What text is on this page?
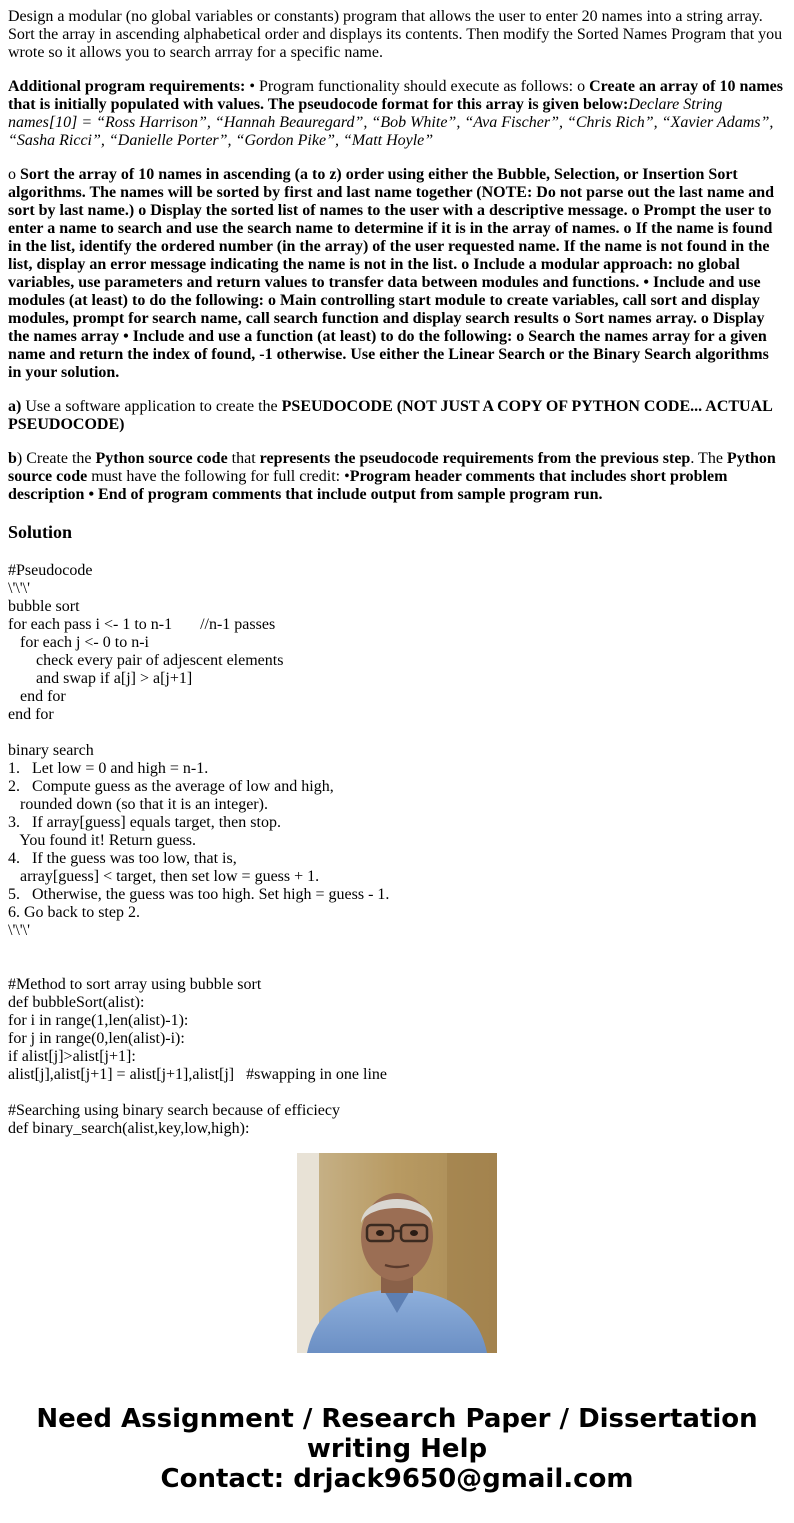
Design a modular (no global variables or constants) program that allows the user to enter 20 names into a string array. Sort the array in ascending alphabetical order and displays its contents. Then modify the Sorted Names Program that you wrote so it allows you to search arrray for a specific name.

Additional program requirements: • Program functionality should execute as follows: o Create an array of 10 names that is initially populated with values. The pseudocode format for this array is given below:Declare String names[10] = “Ross Harrison”, “Hannah Beauregard”, “Bob White”, “Ava Fischer”, “Chris Rich”, “Xavier Adams”, “Sasha Ricci”, “Danielle Porter”, “Gordon Pike”, “Matt Hoyle”

o Sort the array of 10 names in ascending (a to z) order using either the Bubble, Selection, or Insertion Sort algorithms. The names will be sorted by first and last name together (NOTE: Do not parse out the last name and sort by last name.) o Display the sorted list of names to the user with a descriptive message. o Prompt the user to enter a name to search and use the search name to determine if it is in the array of names. o If the name is found in the list, identify the ordered number (in the array) of the user requested name. If the name is not found in the list, display an error message indicating the name is not in the list. o Include a modular approach: no global variables, use parameters and return values to transfer data between modules and functions. • Include and use modules (at least) to do the following: o Main controlling start module to create variables, call sort and display modules, prompt for search name, call search function and display search results o Sort names array. o Display the names array • Include and use a function (at least) to do the following: o Search the names array for a given name and return the index of found, -1 otherwise. Use either the Linear Search or the Binary Search algorithms in your solution.

a) Use a software application to create the PSEUDOCODE (NOT JUST A COPY OF PYTHON CODE... ACTUAL PSEUDOCODE)

b) Create the Python source code that represents the pseudocode requirements from the previous step. The Python source code must have the following for full credit: •Program header comments that includes short problem description • End of program comments that include output from sample program run.

Solution
#Pseudocode
\'\'\'
bubble sort
for each pass i <- 1 to n-1       //n-1 passes
for each j <- 0 to n-i
check every pair of adjescent elements
and swap if a[j] > a[j+1]
end for
end for
binary search
1.   Let low = 0 and high = n-1.
2.   Compute guess as the average of low and high,
rounded down (so that it is an integer).
3.   If array[guess] equals target, then stop.
You found it! Return guess.
4.   If the guess was too low, that is,
array[guess] < target, then set low = guess + 1.
5.   Otherwise, the guess was too high. Set high = guess - 1.
6. Go back to step 2.
\'\'\'
#Method to sort array using bubble sort
def bubbleSort(alist):
for i in range(1,len(alist)-1):
for j in range(0,len(alist)-i):
if alist[j]>alist[j+1]:
alist[j],alist[j+1] = alist[j+1],alist[j]   #swapping in one line
#Searching using binary search because of efficiecy
def binary_search(alist,key,low,high):
Need Assignment / Research Paper / Dissertation
writing Help
Contact: drjack9650@gmail.com
